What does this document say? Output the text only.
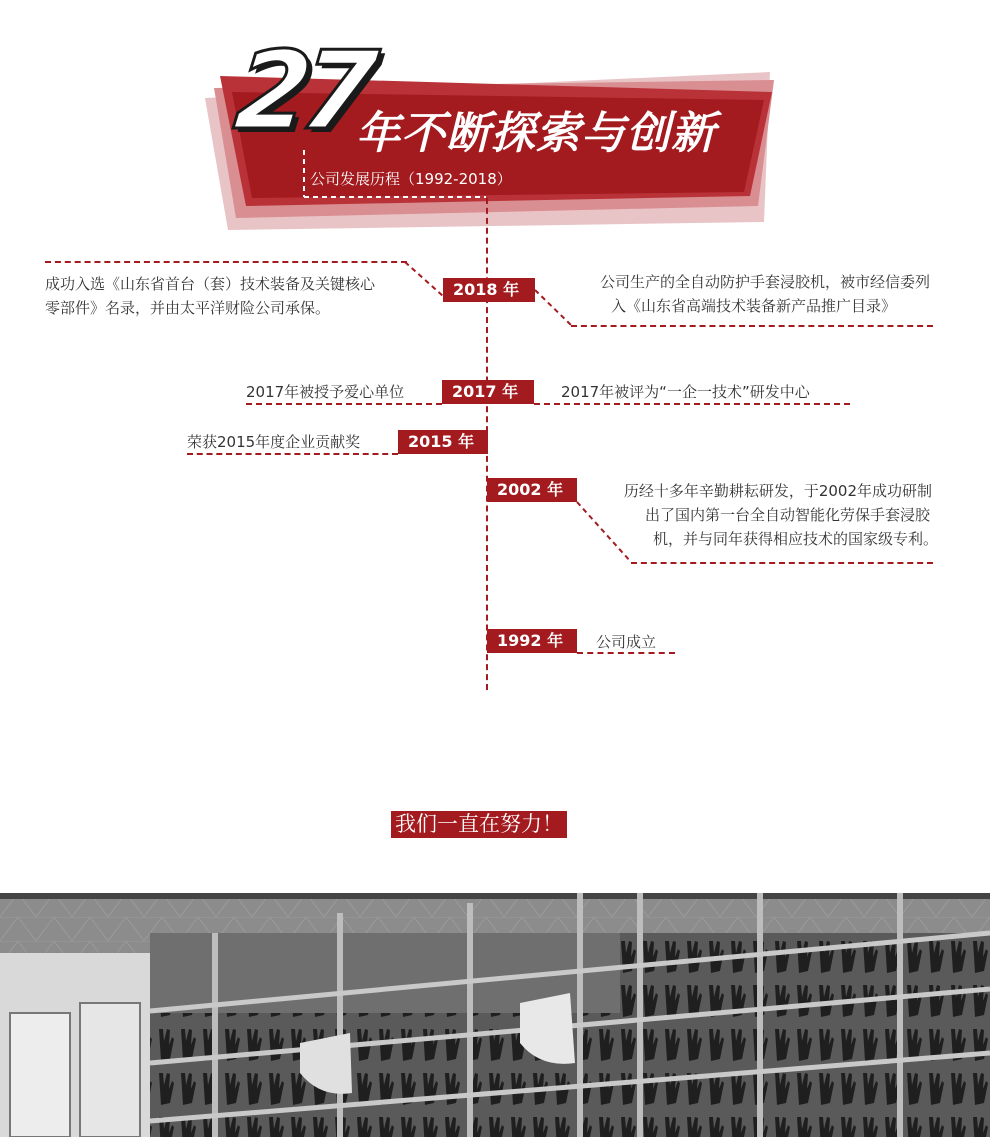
27
年不断探索与创新
公司发展历程（1992-2018）
2018 年
成功入选《山东省首台（套）技术装备及关键核心
零部件》名录，并由太平洋财险公司承保。
公司生产的全自动防护手套浸胶机，被市经信委列
入《山东省高端技术装备新产品推广目录》
2017年被授予爱心单位	2017 年	2017年被评为“一企一技术”研发中心
荣获2015年度企业贡献奖	2015 年
2002 年	历经十多年辛勤耕耘研发，于2002年成功研制
出了国内第一台全自动智能化劳保手套浸胶
机，并与同年获得相应技术的国家级专利。
1992 年	公司成立
我们一直在努力！
